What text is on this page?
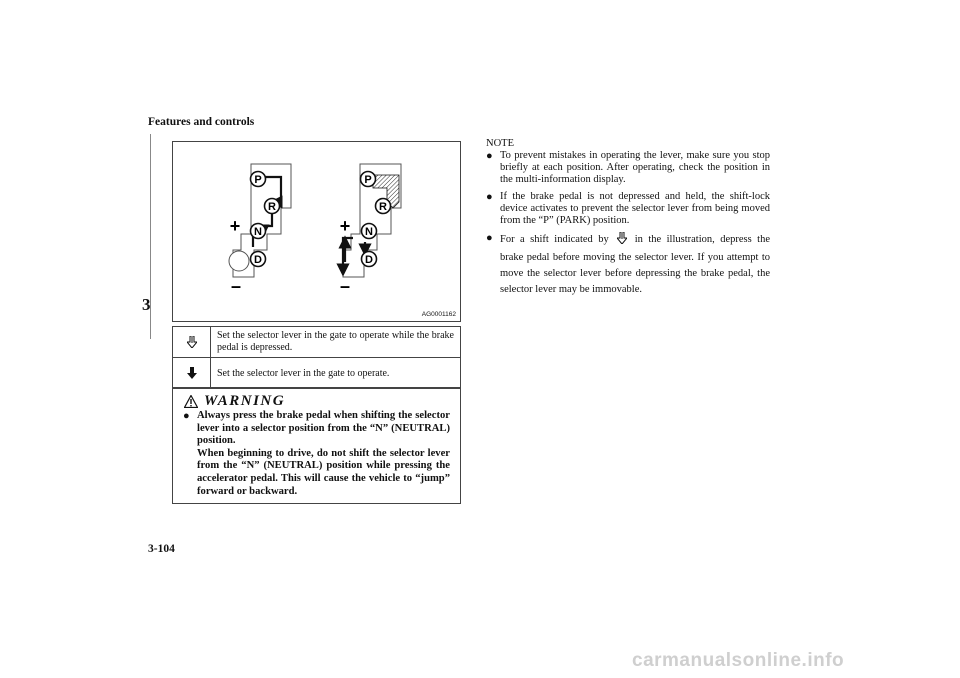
Features and controls
3
3-104
carmanualsonline.info
P
R
N
D
+
–
P
R
N
D
+
–
AG0001162
Set the selector lever in the gate to operate while the brake pedal is depressed.
Set the selector lever in the gate to operate.
WARNING
● Always press the brake pedal when shifting the selector lever into a selector position from the “N” (NEUTRAL) position.

When beginning to drive, do not shift the selector lever from the “N” (NEUTRAL) position while pressing the accelerator pedal. This will cause the vehicle to “jump” forward or backward.

NOTE
● To prevent mistakes in operating the lever, make sure you stop briefly at each position. After operating, check the position in the multi-information display.
● If the brake pedal is not depressed and held, the shift-lock device activates to prevent the selector lever from being moved from the “P” (PARK) position.
● For a shift indicated by in the illustration, depress the brake pedal before moving the selector lever. If you attempt to move the selector lever before depressing the brake pedal, the selector lever may be immovable.
